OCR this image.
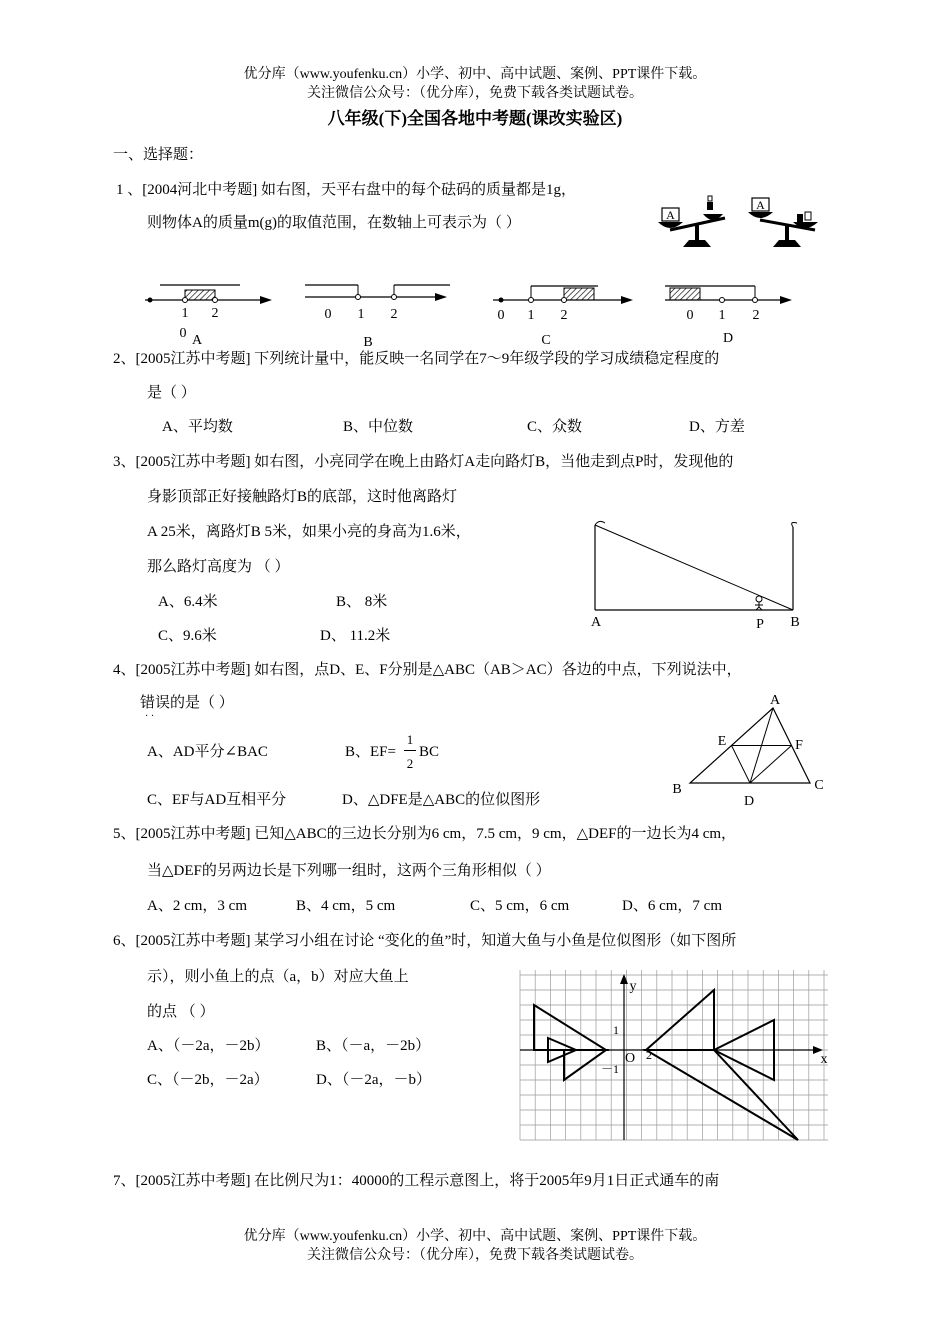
优分库（www.youfenku.cn）小学、初中、高中试题、案例、PPT课件下载。
关注微信公众号：（优分库），免费下载各类试题试卷。
八年级(下)全国各地中考题(课改实验区)
一、选择题：
1 、[2004河北中考题] 如右图，天平右盘中的每个砝码的质量都是1g，
则物体A的质量m(g)的取值范围，在数轴上可表示为（ ）	A
A
1 2
0 A
0 1 2
B
0 1 2
C
0 1 2
D
2、[2005江苏中考题] 下列统计量中，能反映一名同学在7～9年级学段的学习成绩稳定程度的
是（ ）
A、平均数	B、中位数	C、众数	D、方差
3、[2005江苏中考题] 如右图，小亮同学在晚上由路灯A走向路灯B，当他走到点P时，发现他的
身影顶部正好接触路灯B的底部，这时他离路灯
A 25米，离路灯B 5米，如果小亮的身高为1.6米，
那么路灯高度为 （ ）
A、6.4米	B、 8米
C、9.6米	D、 11.2米
A	P B
4、[2005江苏中考题] 如右图，点D、E、F分别是△ABC（AB＞AC）各边的中点，下列说法中，
错误的是（ ）
· ·
A、AD平分∠BAC	B、EF=
1
2
BC
C、EF与AD互相平分	D、△DFE是△ABC的位似图形
A
B	C
D
E	F
5、[2005江苏中考题] 已知△ABC的三边长分别为6 cm，7.5 cm，9 cm，△DEF的一边长为4 cm，
当△DEF的另两边长是下列哪一组时，这两个三角形相似（ ）
A、2 cm，3 cm	B、4 cm，5 cm	C、5 cm，6 cm	D、6 cm，7 cm
6、[2005江苏中考题] 某学习小组在讨论 “变化的鱼”时，知道大鱼与小鱼是位似图形（如下图所
示），则小鱼上的点（a，b）对应大鱼上
的点 （ ）
A、（－2a，－2b）	B、（－a，－2b）
C、（－2b，－2a）	D、（－2a，－b）
y
x
O
1
－1
2
7、[2005江苏中考题] 在比例尺为1：40000的工程示意图上，将于2005年9月1日正式通车的南
优分库（www.youfenku.cn）小学、初中、高中试题、案例、PPT课件下载。
关注微信公众号：（优分库），免费下载各类试题试卷。
